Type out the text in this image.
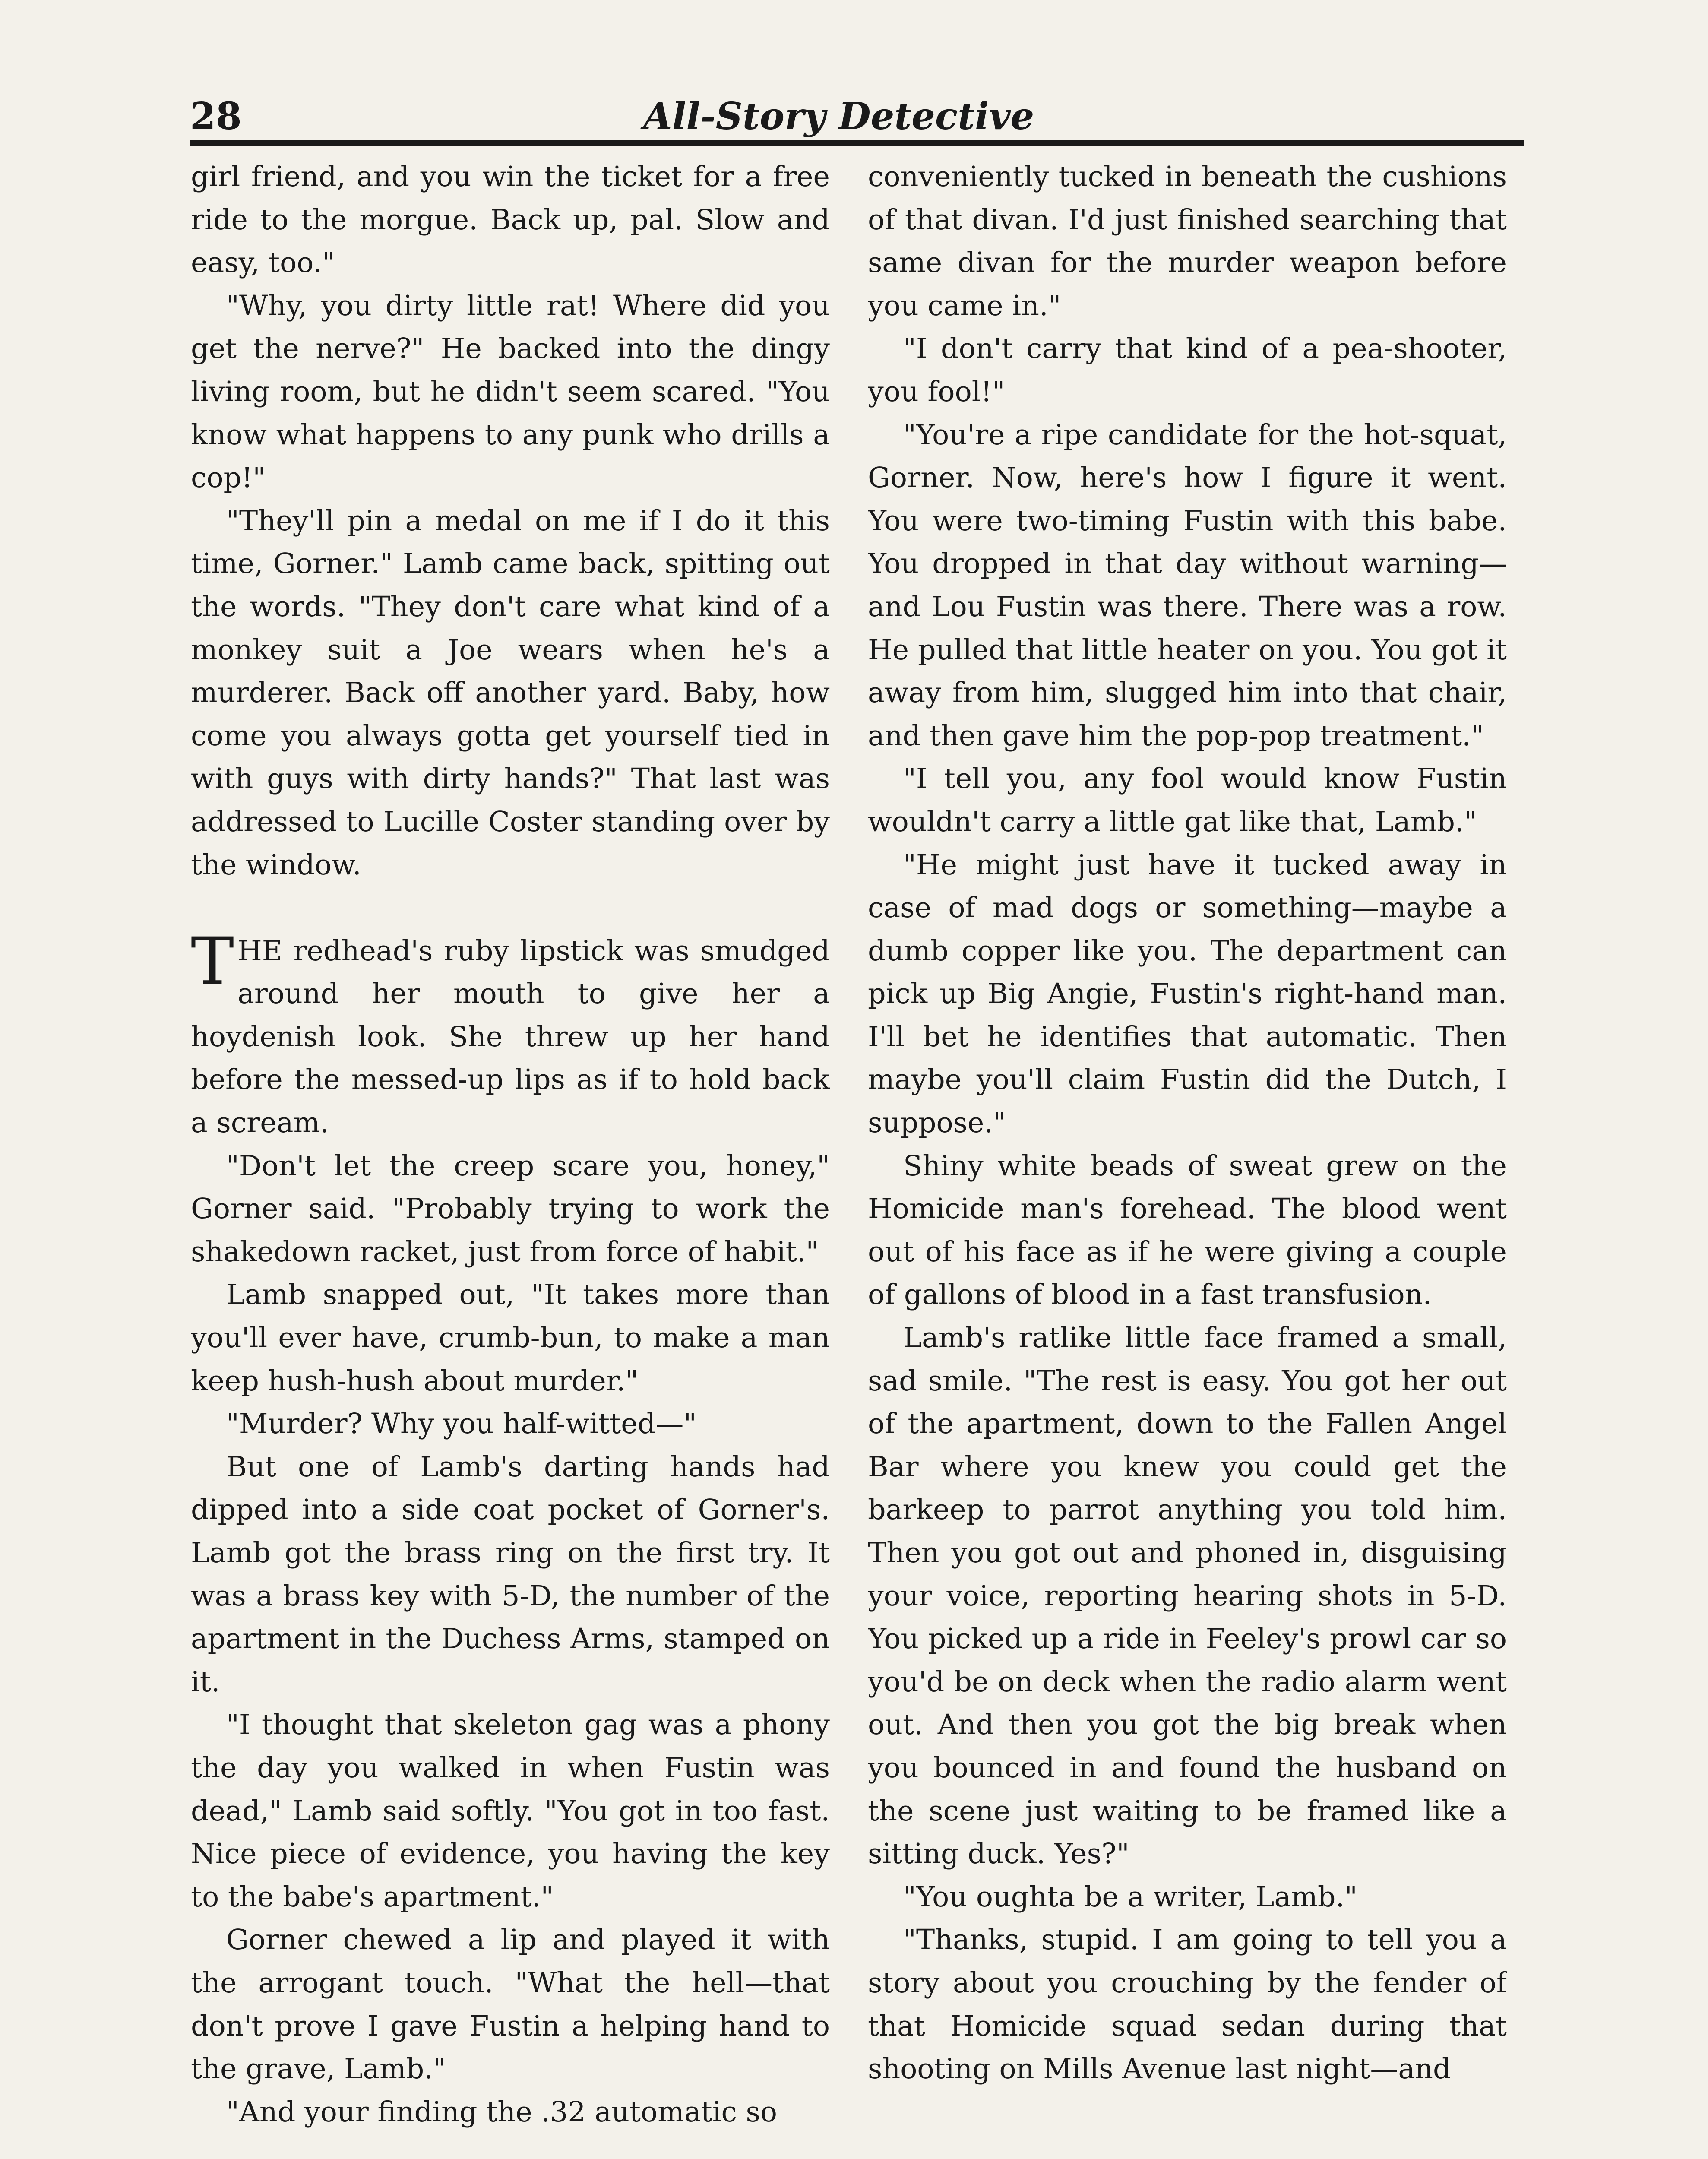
28	All-Story Detective

girl friend, and you win the ticket for a free ride to the morgue. Back up, pal. Slow and easy, too."

"Why, you dirty little rat! Where did you get the nerve?" He backed into the dingy living room, but he didn't seem scared. "You know what happens to any punk who drills a cop!"

"They'll pin a medal on me if I do it this time, Gorner." Lamb came back, spitting out the words. "They don't care what kind of a monkey suit a Joe wears when he's a murderer. Back off another yard. Baby, how come you always gotta get yourself tied in with guys with dirty hands?" That last was addressed to Lucille Coster standing over by the window.

THE redhead's ruby lipstick was smudged around her mouth to give her a hoydenish look. She threw up her hand before the messed-up lips as if to hold back a scream.

"Don't let the creep scare you, honey," Gorner said. "Probably trying to work the shakedown racket, just from force of habit."

Lamb snapped out, "It takes more than you'll ever have, crumb-bun, to make a man keep hush-hush about murder."

"Murder? Why you half-witted—"

But one of Lamb's darting hands had dipped into a side coat pocket of Gorner's. Lamb got the brass ring on the first try. It was a brass key with 5-D, the number of the apartment in the Duchess Arms, stamped on it.

"I thought that skeleton gag was a phony the day you walked in when Fustin was dead," Lamb said softly. "You got in too fast. Nice piece of evidence, you having the key to the babe's apartment."

Gorner chewed a lip and played it with the arrogant touch. "What the hell—that don't prove I gave Fustin a helping hand to the grave, Lamb."

"And your finding the .32 automatic so

conveniently tucked in beneath the cushions of that divan. I'd just finished searching that same divan for the murder weapon before you came in."

"I don't carry that kind of a pea-shooter, you fool!"

"You're a ripe candidate for the hot-squat, Gorner. Now, here's how I figure it went. You were two-timing Fustin with this babe. You dropped in that day without warning—and Lou Fustin was there. There was a row. He pulled that little heater on you. You got it away from him, slugged him into that chair, and then gave him the pop-pop treatment."

"I tell you, any fool would know Fustin wouldn't carry a little gat like that, Lamb."

"He might just have it tucked away in case of mad dogs or something—maybe a dumb copper like you. The department can pick up Big Angie, Fustin's right-hand man. I'll bet he identifies that automatic. Then maybe you'll claim Fustin did the Dutch, I suppose."

Shiny white beads of sweat grew on the Homicide man's forehead. The blood went out of his face as if he were giving a couple of gallons of blood in a fast transfusion.

Lamb's ratlike little face framed a small, sad smile. "The rest is easy. You got her out of the apartment, down to the Fallen Angel Bar where you knew you could get the barkeep to parrot anything you told him. Then you got out and phoned in, disguising your voice, reporting hearing shots in 5-D. You picked up a ride in Feeley's prowl car so you'd be on deck when the radio alarm went out. And then you got the big break when you bounced in and found the husband on the scene just waiting to be framed like a sitting duck. Yes?"

"You oughta be a writer, Lamb."

"Thanks, stupid. I am going to tell you a story about you crouching by the fender of that Homicide squad sedan during that shooting on Mills Avenue last night—and
